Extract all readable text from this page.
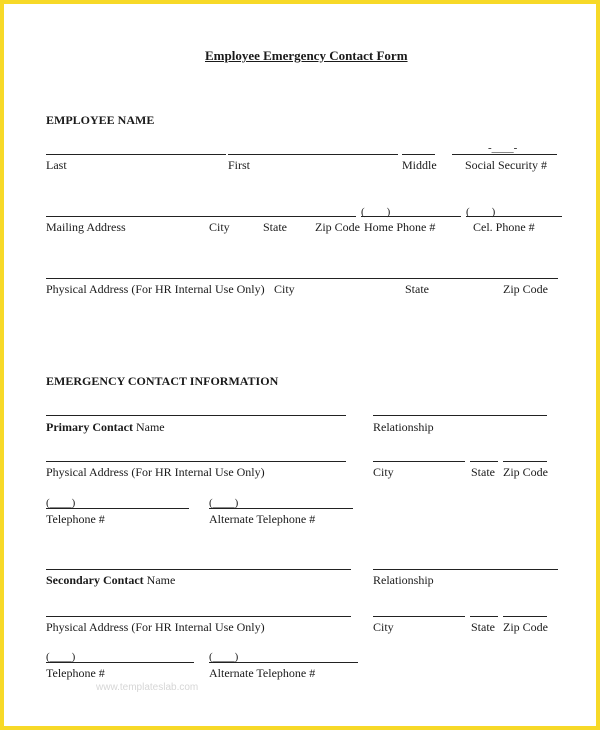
Employee Emergency Contact Form
EMPLOYEE NAME
-____-
Last	First	Middle Social Security #
(____)	(____)
Mailing Address	City	State Zip Code Home Phone #	Cel. Phone #
Physical Address (For HR Internal Use Only) City	State	Zip Code
EMERGENCY CONTACT INFORMATION
Primary Contact Name	Relationship
Physical Address (For HR Internal Use Only)	City	State Zip Code
(____)	(____)
Telephone #	Alternate Telephone #
Secondary Contact Name	Relationship
Physical Address (For HR Internal Use Only)	City	State Zip Code
(____)	(____)
Telephone #	Alternate Telephone #
www.templateslab.com
